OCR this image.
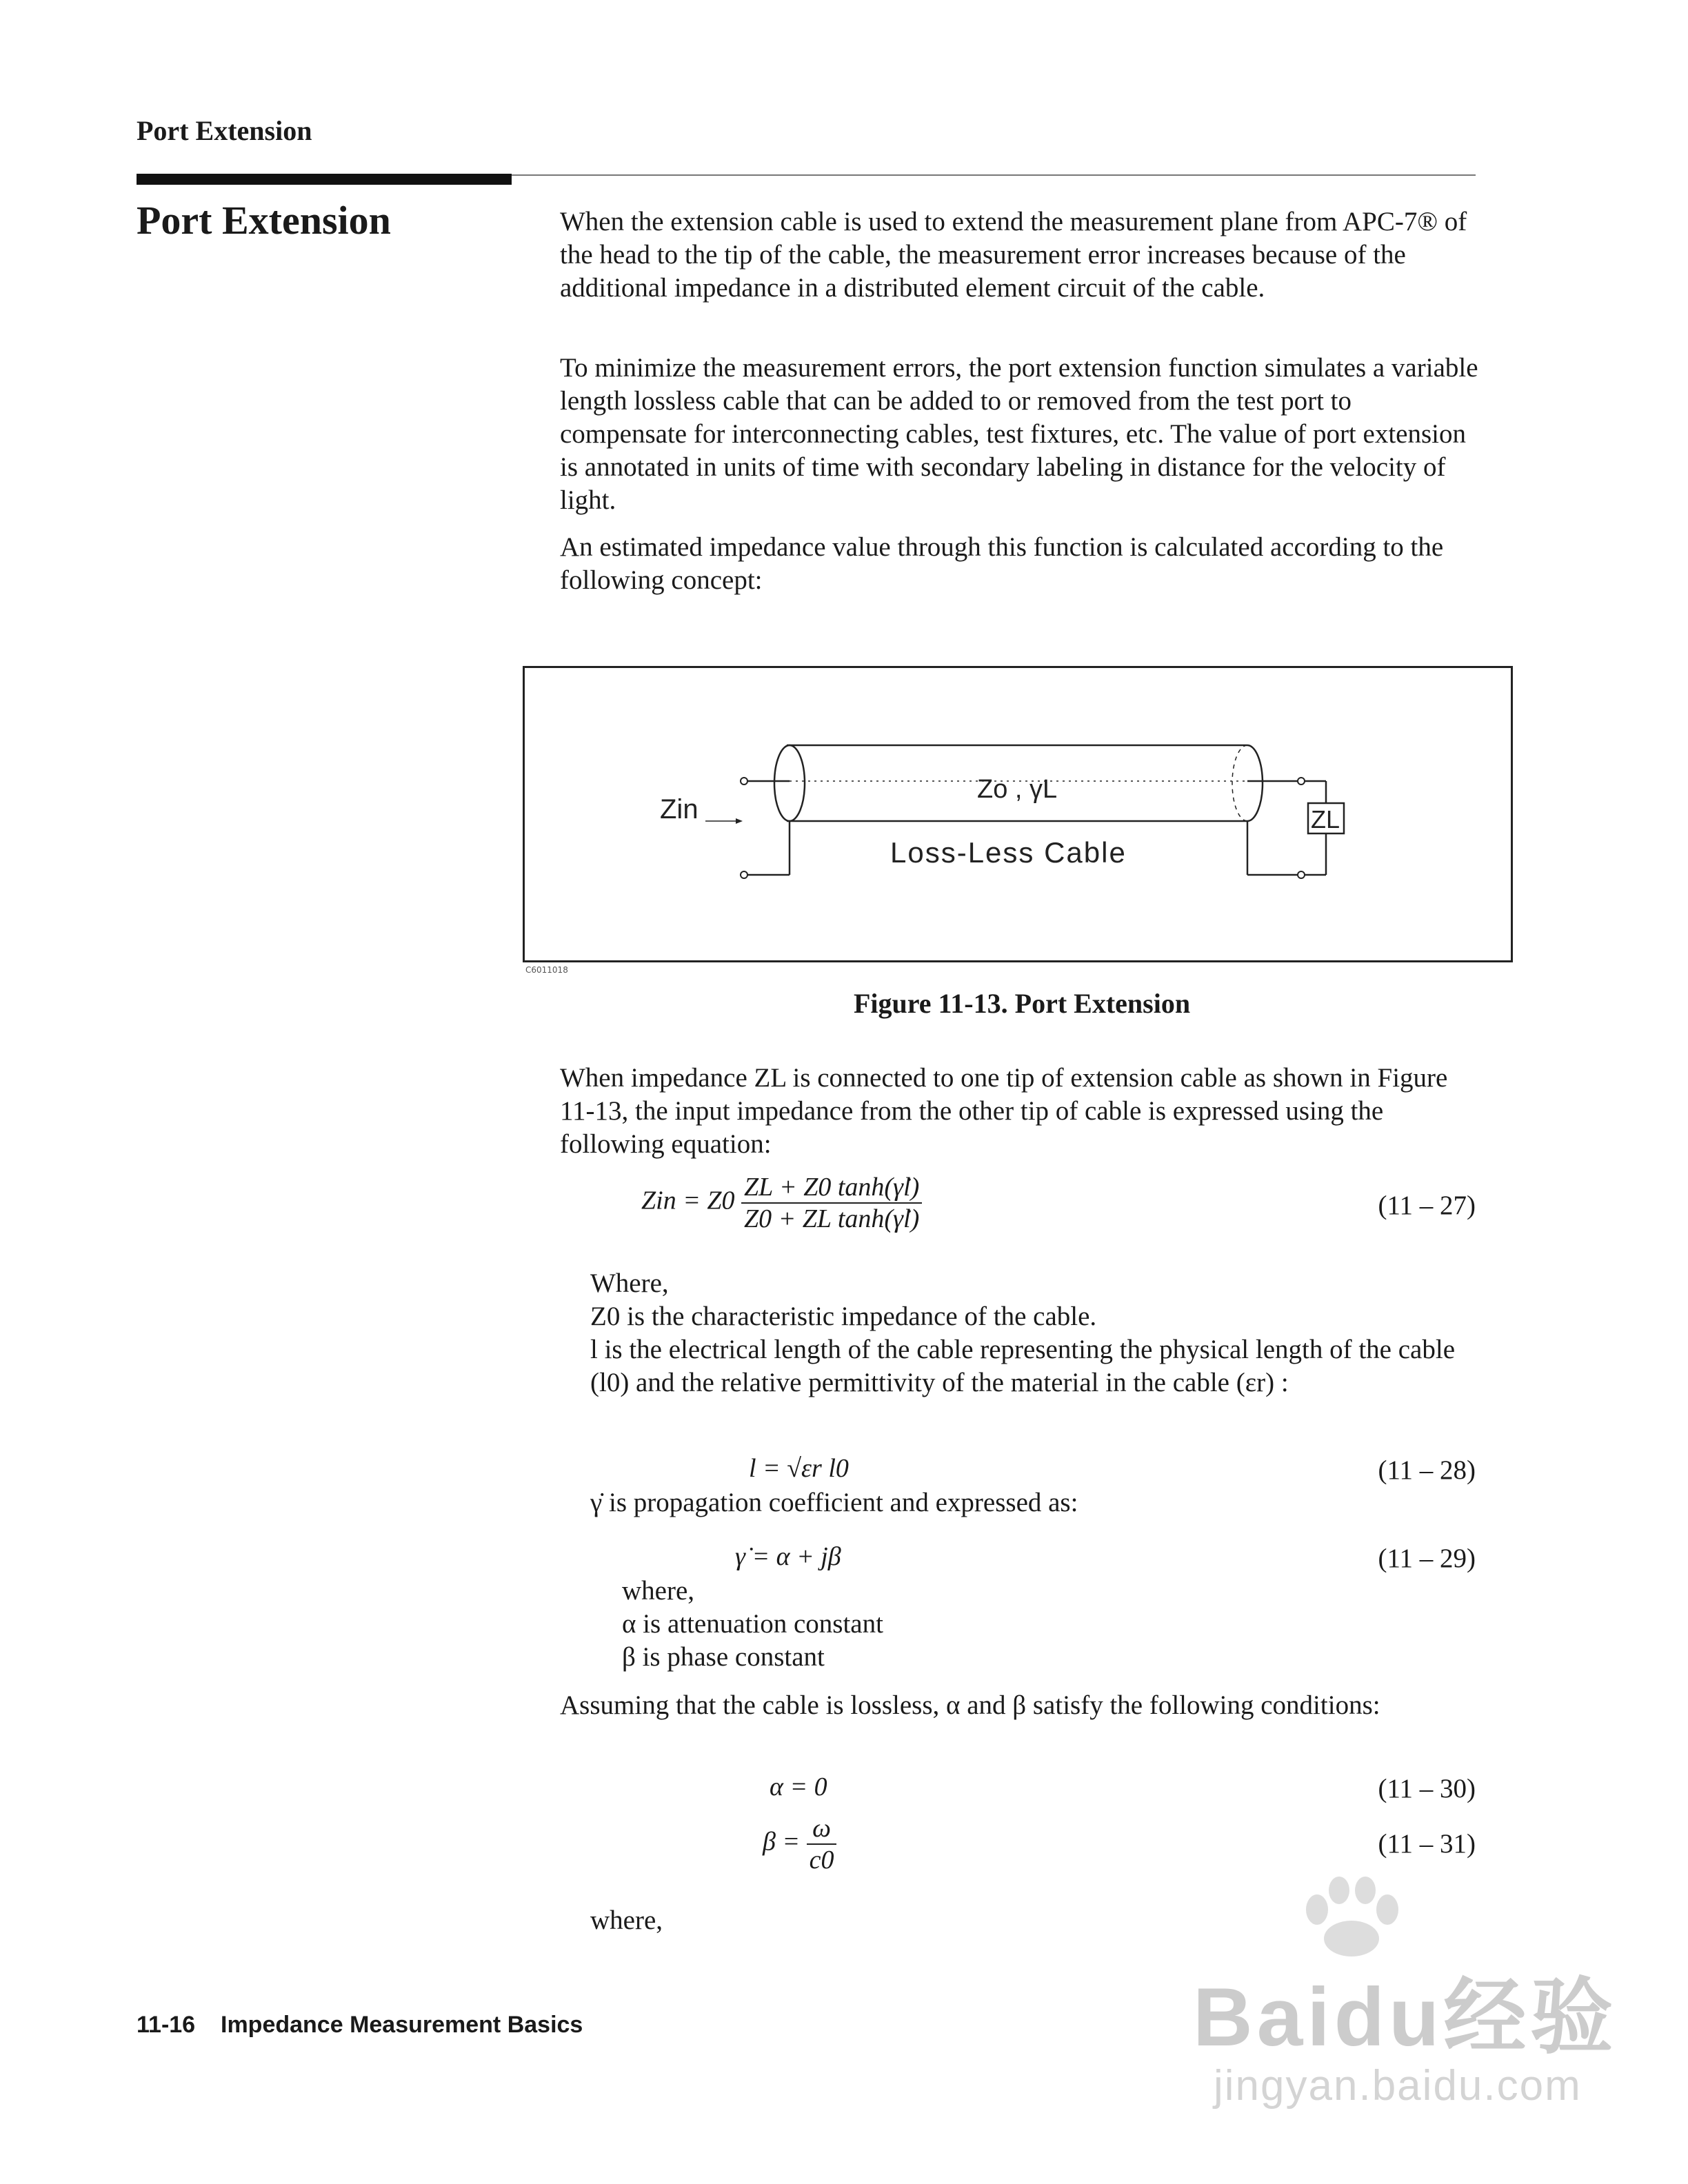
Port Extension
Port Extension	When the extension cable is used to extend the measurement plane from APC-7® of the head to the tip of the cable, the measurement error increases because of the additional impedance in a distributed element circuit of the cable.
To minimize the measurement errors, the port extension function simulates a variable length lossless cable that can be added to or removed from the test port to compensate for interconnecting cables, test fixtures, etc. The value of port extension is annotated in units of time with secondary labeling in distance for the velocity of light.
An estimated impedance value through this function is calculated according to the following concept:
Zin
Zo , γL
Loss-Less Cable
ZL
C6011018
Figure 11-13. Port Extension
When impedance ZL is connected to one tip of extension cable as shown in Figure 11-13, the input impedance from the other tip of cable is expressed using the following equation:
Zin = $Z0 \frac{ZL + Z0 \tanh(\gammȧl)}{\text{Z0 + ZL tanh(γ̇l)}}$	(11 – 27)
Where,
Z0 is the characteristic impedance of the cable.
l is the electrical length of the cable representing the physical length of the cable (l0) and the relative permittivity of the material in the cable (εr) :
l = √εr l0	(11 – 28)
γ̇ is propagation coefficient and expressed as:
γ̇ = α + jβ	(11 – 29)
where,
α is attenuation constant
β is phase constant
Assuming that the cable is lossless, α and β satisfy the following conditions:
α = 0	(11 – 30)
$\beta = \frac{\omega}{c0}$	(11 – 31)
where,
11-16 Impedance Measurement Basics	Baidu经验
jingyan.baidu.com
